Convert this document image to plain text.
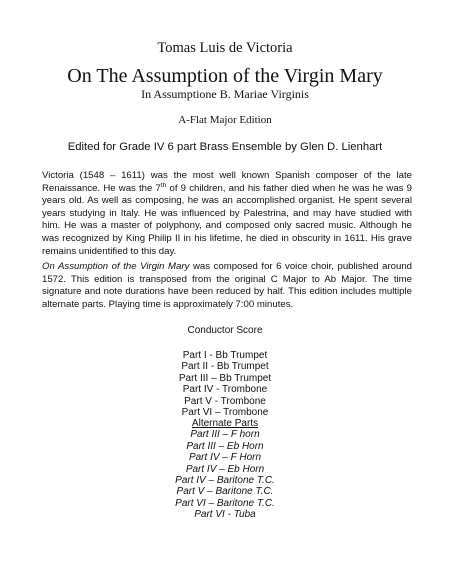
Tomas Luis de Victoria
On The Assumption of the Virgin Mary
In Assumptione B. Mariae Virginis
A-Flat Major Edition
Edited for Grade IV 6 part Brass Ensemble by Glen D. Lienhart
Victoria (1548 – 1611) was the most well known Spanish composer of the late Renaissance. He was the 7th of 9 children, and his father died when he was he was 9 years old. As well as composing, he was an accomplished organist. He spent several years studying in Italy. He was influenced by Palestrina, and may have studied with him. He was a master of polyphony, and composed only sacred music. Although he was recognized by King Philip II in his lifetime, he died in obscurity in 1611. His grave remains unidentified to this day.
On Assumption of the Virgin Mary was composed for 6 voice choir, published around 1572. This edition is transposed from the original C Major to Ab Major. The time signature and note durations have been reduced by half. This edition includes multiple alternate parts. Playing time is approximately 7:00 minutes.
Conductor Score
Part I - Bb Trumpet
Part II - Bb Trumpet
Part III – Bb Trumpet
Part IV - Trombone
Part V - Trombone
Part VI – Trombone
Alternate Parts
Part III – F horn
Part III – Eb Horn
Part IV – F Horn
Part IV – Eb Horn
Part IV – Baritone T.C.
Part V – Baritone T.C.
Part VI – Baritone T.C.
Part VI - Tuba
